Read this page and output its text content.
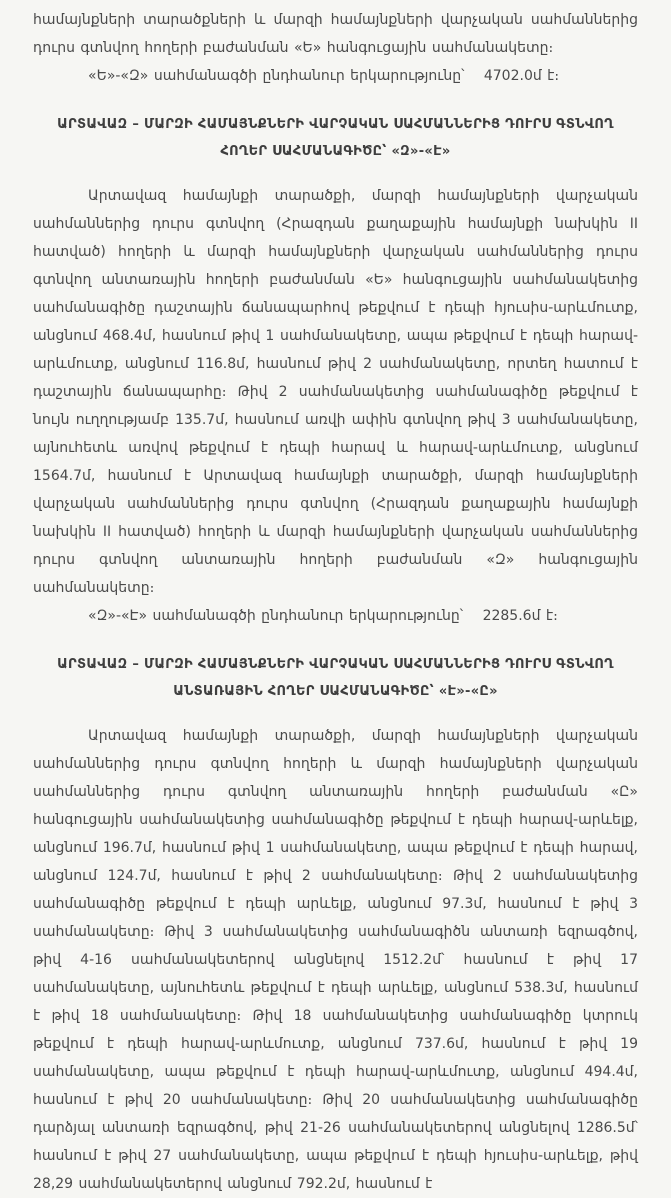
համայնքների տարածքների և մարզի համայնքների վարչական սահմաններից դուրս գտնվող հողերի բաժանման «Ե» հանգուցային սահմանակետը։

«Ե»-«Զ» սահմանագծի ընդհանուր երկարությունը՝  4702.0մ է։

ԱՐՏԱՎԱԶ – ՄԱՐԶԻ ՀԱՄԱՅՆՔՆԵՐԻ ՎԱՐՉԱԿԱՆ ՍԱՀՄԱՆՆԵՐԻՑ ԴՈՒՐՍ ԳՏՆՎՈՂ ՀՈՂԵՐ ՍԱՀՄԱՆԱԳԻԾԸ՝ «Զ»-«Է»

Արտավազ համայնքի տարածքի, մարզի համայնքների վարչական սահմաններից դուրս գտնվող (Հրազդան քաղաքային համայնքի նախկին II հատված) հողերի և մարզի համայնքների վարչական սահմաններից դուրս գտնվող անտառային հողերի բաժանման «Ե» հանգուցային սահմանակետից սահմանագիծը դաշտային ճանապարհով թեքվում է դեպի հյուսիս-արևմուտք, անցնում 468.4մ, հասնում թիվ 1 սահմանակետը, ապա թեքվում է դեպի հարավ-արևմուտք, անցնում 116.8մ, հասնում թիվ 2 սահմանակետը, որտեղ հատում է դաշտային ճանապարհը։ Թիվ 2 սահմանակետից սահմանագիծը թեքվում է նույն ուղղությամբ 135.7մ, հասնում առվի ափին գտնվող թիվ 3 սահմանակետը, այնուհետև առվով թեքվում է դեպի հարավ և հարավ-արևմուտք, անցնում 1564.7մ, հասնում է Արտավազ համայնքի տարածքի, մարզի համայնքների վարչական սահմաններից դուրս գտնվող (Հրազդան քաղաքային համայնքի նախկին II հատված) հողերի և մարզի համայնքների վարչական սահմաններից դուրս գտնվող անտառային հողերի բաժանման «Զ» հանգուցային սահմանակետը։

«Զ»-«Է» սահմանագծի ընդհանուր երկարությունը՝  2285.6մ է։

ԱՐՏԱՎԱԶ – ՄԱՐԶԻ ՀԱՄԱՅՆՔՆԵՐԻ ՎԱՐՉԱԿԱՆ ՍԱՀՄԱՆՆԵՐԻՑ ԴՈՒՐՍ ԳՏՆՎՈՂ ԱՆՏԱՌԱՅԻՆ ՀՈՂԵՐ ՍԱՀՄԱՆԱԳԻԾԸ՝ «Է»-«Ը»

Արտավազ համայնքի տարածքի, մարզի համայնքների վարչական սահմաններից դուրս գտնվող հողերի և մարզի համայնքների վարչական սահմաններից դուրս գտնվող անտառային հողերի բաժանման «Ը» հանգուցային սահմանակետից սահմանագիծը թեքվում է դեպի հարավ-արևելք, անցնում 196.7մ, հասնում թիվ 1 սահմանակետը, ապա թեքվում է դեպի հարավ, անցնում 124.7մ, հասնում է թիվ 2 սահմանակետը։ Թիվ 2 սահմանակետից սահմանագիծը թեքվում է դեպի արևելք, անցնում 97.3մ, հասնում է թիվ 3 սահմանակետը։ Թիվ 3 սահմանակետից սահմանագիծն անտառի եզրագծով, թիվ 4-16 սահմանակետերով անցնելով 1512.2մ՝ հասնում է թիվ 17 սահմանակետը, այնուհետև թեքվում է դեպի արևելք, անցնում 538.3մ, հասնում է թիվ 18 սահմանակետը։ Թիվ 18 սահմանակետից սահմանագիծը կտրուկ թեքվում է դեպի հարավ-արևմուտք, անցնում 737.6մ, հասնում է թիվ 19 սահմանակետը, ապա թեքվում է դեպի հարավ-արևմուտք, անցնում 494.4մ, հասնում է թիվ 20 սահմանակետը։ Թիվ 20 սահմանակետից սահմանագիծը դարձյալ անտառի եզրագծով, թիվ 21-26 սահմանակետերով անցնելով 1286.5մ՝ հասնում է թիվ 27 սահմանակետը, ապա թեքվում է դեպի հյուսիս-արևելք, թիվ 28,29 սահմանակետերով անցնում 792.2մ, հասնում է
